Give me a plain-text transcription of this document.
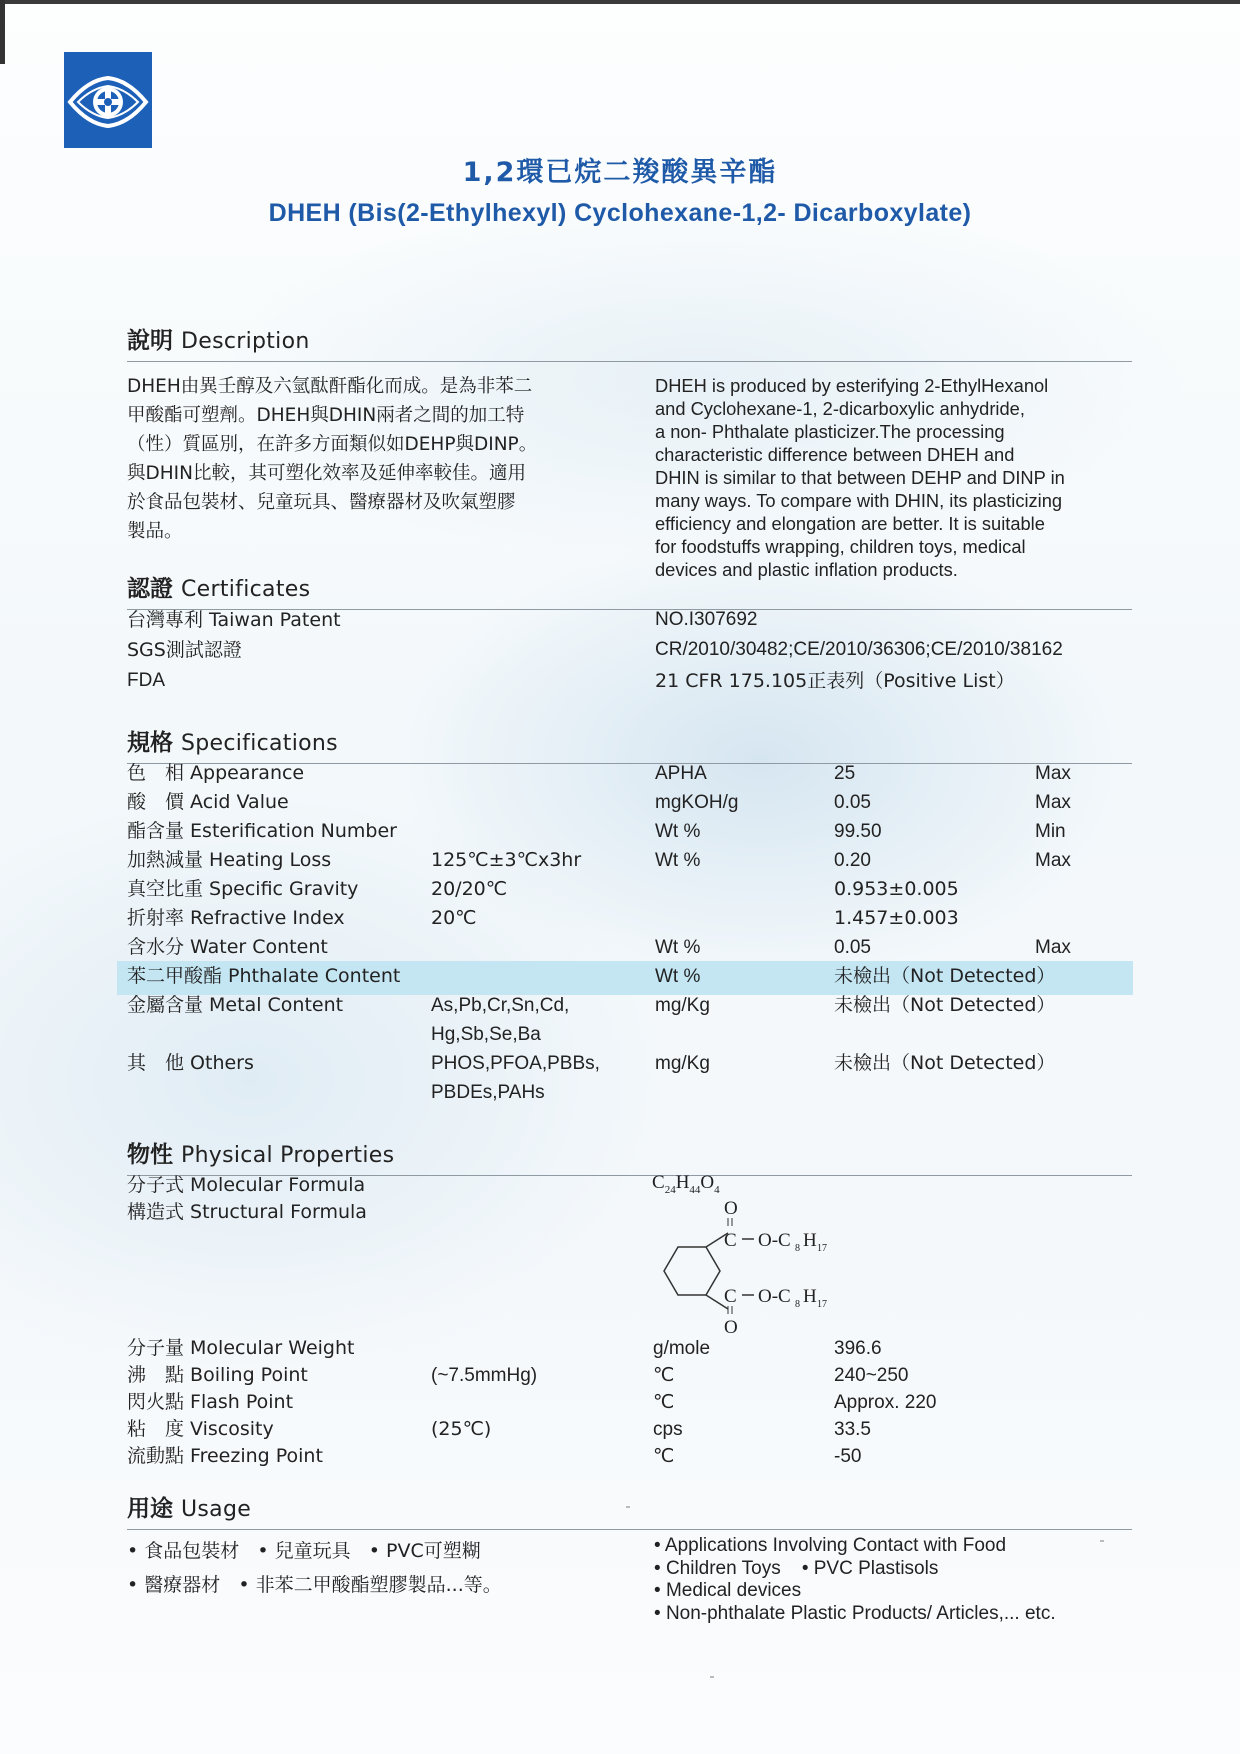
1,2環已烷二羧酸異辛酯
DHEH (Bis(2-Ethylhexyl) Cyclohexane-1,2- Dicarboxylate)
說明 Description
DHEH由異壬醇及六氫酞酐酯化而成。是為非苯二
甲酸酯可塑劑。DHEH與DHIN兩者之間的加工特
（性）質區別，在許多方面類似如DEHP與DINP。
與DHIN比較，其可塑化效率及延伸率較佳。適用
於食品包裝材、兒童玩具、醫療器材及吹氣塑膠
製品。
DHEH is produced by esterifying 2-EthylHexanol
and Cyclohexane-1, 2-dicarboxylic anhydride,
a non- Phthalate plasticizer.The processing
characteristic difference between DHEH and
DHIN is similar to that between DEHP and DINP in
many ways. To compare with DHIN, its plasticizing
efficiency and elongation are better. It is suitable
for foodstuffs wrapping, children toys, medical
devices and plastic inflation products.
認證 Certificates
台灣專利 Taiwan Patent	NO.I307692
SGS測試認證	CR/2010/30482;CE/2010/36306;CE/2010/38162
FDA	21 CFR 175.105正表列（Positive List）
規格 Specifications
色　相 Appearance	APHA	25	Max
酸　價 Acid Value	mgKOH/g	0.05	Max
酯含量 Esterification Number	Wt %	99.50	Min
加熱減量 Heating Loss	125℃±3℃x3hr	Wt %	0.20	Max
真空比重 Specific Gravity	20/20℃	0.953±0.005
折射率 Refractive Index	20℃	1.457±0.003
含水分 Water Content	Wt %	0.05	Max
苯二甲酸酯 Phthalate Content	Wt %	未檢出（Not Detected）
金屬含量 Metal Content	As,Pb,Cr,Sn,Cd,
Hg,Sb,Se,Ba
mg/Kg	未檢出（Not Detected）
其　他 Others	PHOS,PFOA,PBBs,
PBDEs,PAHs
mg/Kg	未檢出（Not Detected）
物性 Physical Properties
分子式 Molecular Formula
構造式 Structural Formula
$C_{24}H_{44}O_4$
O
C O-C 8 H 17
C O-C 8 H 17
O
分子量 Molecular Weight	g/mole	396.6
沸　點 Boiling Point	(~7.5mmHg)	℃	240~250
閃火點 Flash Point	℃	Approx. 220
粘　度 Viscosity	(25℃)	cps	33.5
流動點 Freezing Point	℃	-50
用途 Usage
• 食品包裝材 • 兒童玩具 • PVC可塑糊
• 醫療器材 • 非苯二甲酸酯塑膠製品...等。
• Applications Involving Contact with Food
• Children Toys    • PVC Plastisols
• Medical devices
• Non-phthalate Plastic Products/ Articles,... etc.
